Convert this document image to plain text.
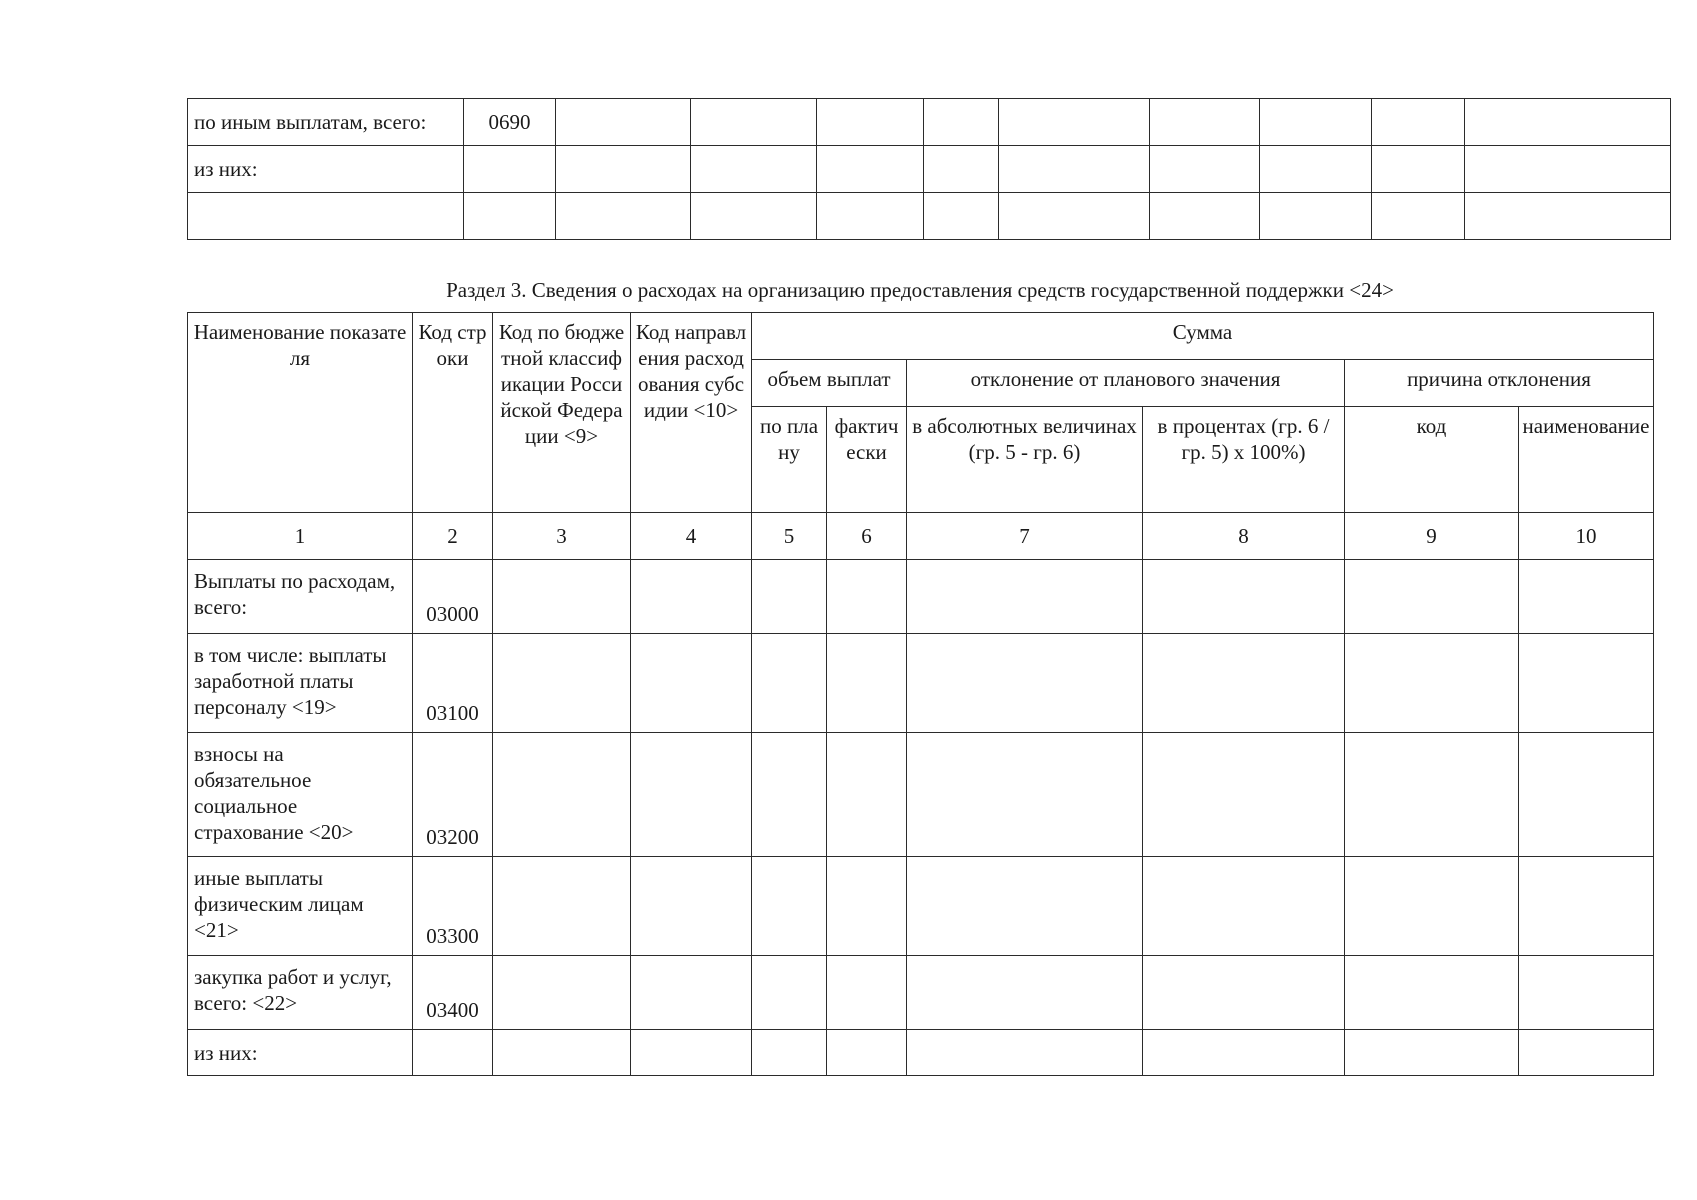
по иным выплатам, всего:	0690									
из них:										

Раздел 3. Сведения о расходах на организацию предоставления средств государственной поддержки <24>
Наименование показателя	Код строки	Код по бюджетной классификации Российской Федерации <9>	Код направления расходования субсидии <10>	Сумма					
				объем выплат		отклонение от планового значения		причина отклонения	
				по плану	фактически	в абсолютных величинах (гр. 5 - гр. 6)	в процентах (гр. 6 / гр. 5) x 100%)	код	наименование
1	2	3	4	5	6	7	8	9	10
Выплаты по расходам, всего:	03000								
в том числе: выплаты заработной платы персоналу <19>	03100								
взносы на обязательное социальное страхование <20>	03200								
иные выплаты физическим лицам <21>	03300								
закупка работ и услуг, всего: <22>	03400								
из них:									
